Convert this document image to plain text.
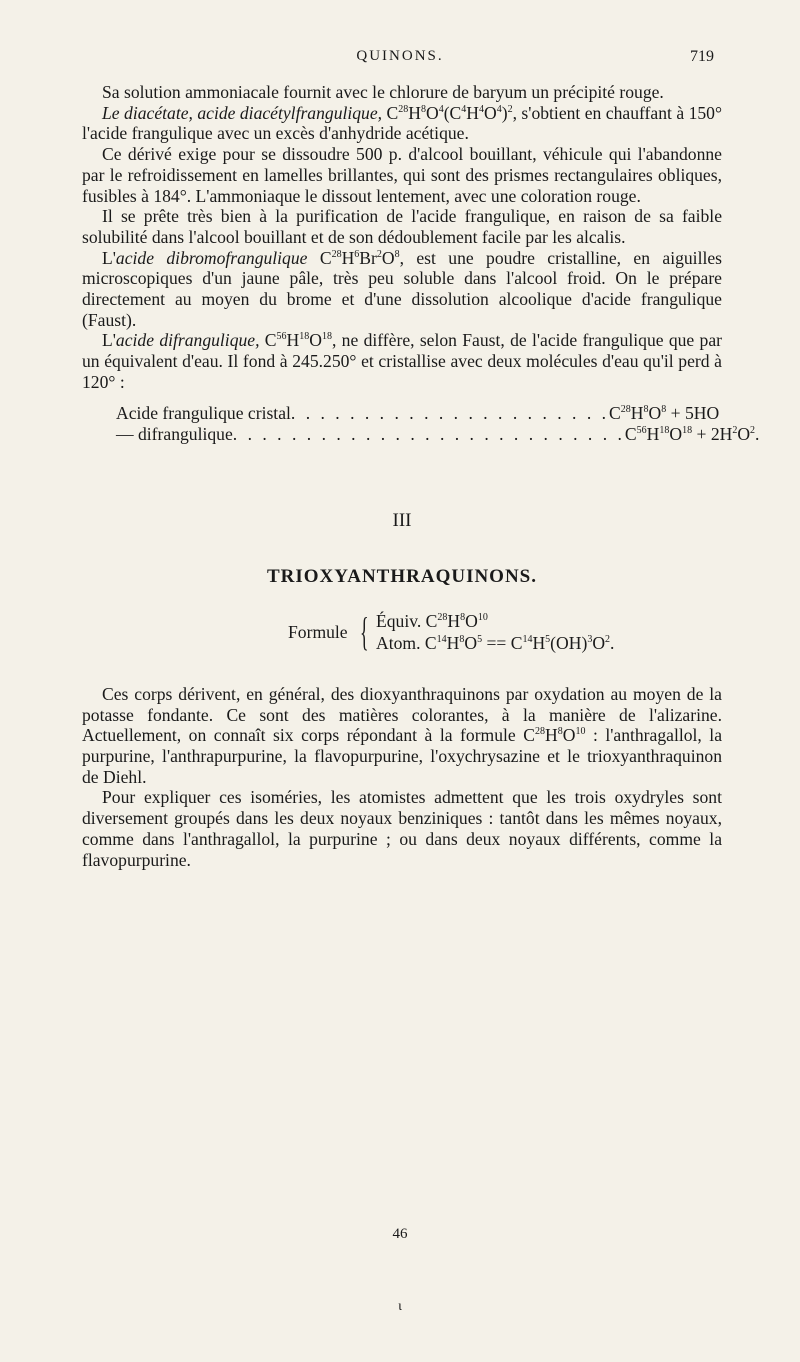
QUINONS.	719

Sa solution ammoniacale fournit avec le chlorure de baryum un précipité rouge.

Le diacétate, acide diacétylfrangulique, $C^{28}H^8O^4(C^4H^4O^4)^2$, s'obtient en chauffant à 150° l'acide frangulique avec un excès d'anhydride acétique.

Ce dérivé exige pour se dissoudre 500 p. d'alcool bouillant, véhicule qui l'abandonne par le refroidissement en lamelles brillantes, qui sont des prismes rectangulaires obliques, fusibles à 184°. L'ammoniaque le dissout lentement, avec une coloration rouge.

Il se prête très bien à la purification de l'acide frangulique, en raison de sa faible solubilité dans l'alcool bouillant et de son dédoublement facile par les alcalis.

L'acide dibromofrangulique $C^{28}H^6Br^2O^8$, est une poudre cristalline, en aiguilles microscopiques d'un jaune pâle, très peu soluble dans l'alcool froid. On le prépare directement au moyen du brome et d'une dissolution alcoolique d'acide frangulique (Faust).

L'acide difrangulique, $C^{56}H^{18}O^{18}$, ne diffère, selon Faust, de l'acide frangulique que par un équivalent d'eau. Il fond à 245.250° et cristallise avec deux molécules d'eau qu'il perd à 120° :

Acide frangulique cristal . . . . . . . . . . . . . . . . . . . . . . $C^{28}H^8O^8 + 5HO$
— difrangulique . . . . . . . . . . . . . . . . . . . . . . . . . . . $C^{56}H^{18}O^{18} + 2H^2O^2$.
III
TRIOXYANTHRAQUINONS.
Formule { Équiv. $C^{28}H^8O^{10}$
Atom. $C^{14}H^8O^5 == C^{14}H^5(OH)^3O^2$.

Ces corps dérivent, en général, des dioxyanthraquinons par oxydation au moyen de la potasse fondante. Ce sont des matières colorantes, à la manière de l'alizarine. Actuellement, on connaît six corps répondant à la formule $C^{28}H^8O^{10}$ : l'anthragallol, la purpurine, l'anthrapurpurine, la flavopurpurine, l'oxychrysazine et le trioxyanthraquinon de Diehl.

Pour expliquer ces isoméries, les atomistes admettent que les trois oxydryles sont diversement groupés dans les deux noyaux benziniques : tantôt dans les mêmes noyaux, comme dans l'anthragallol, la purpurine ; ou dans deux noyaux différents, comme la flavopurpurine.

46
ɩ
